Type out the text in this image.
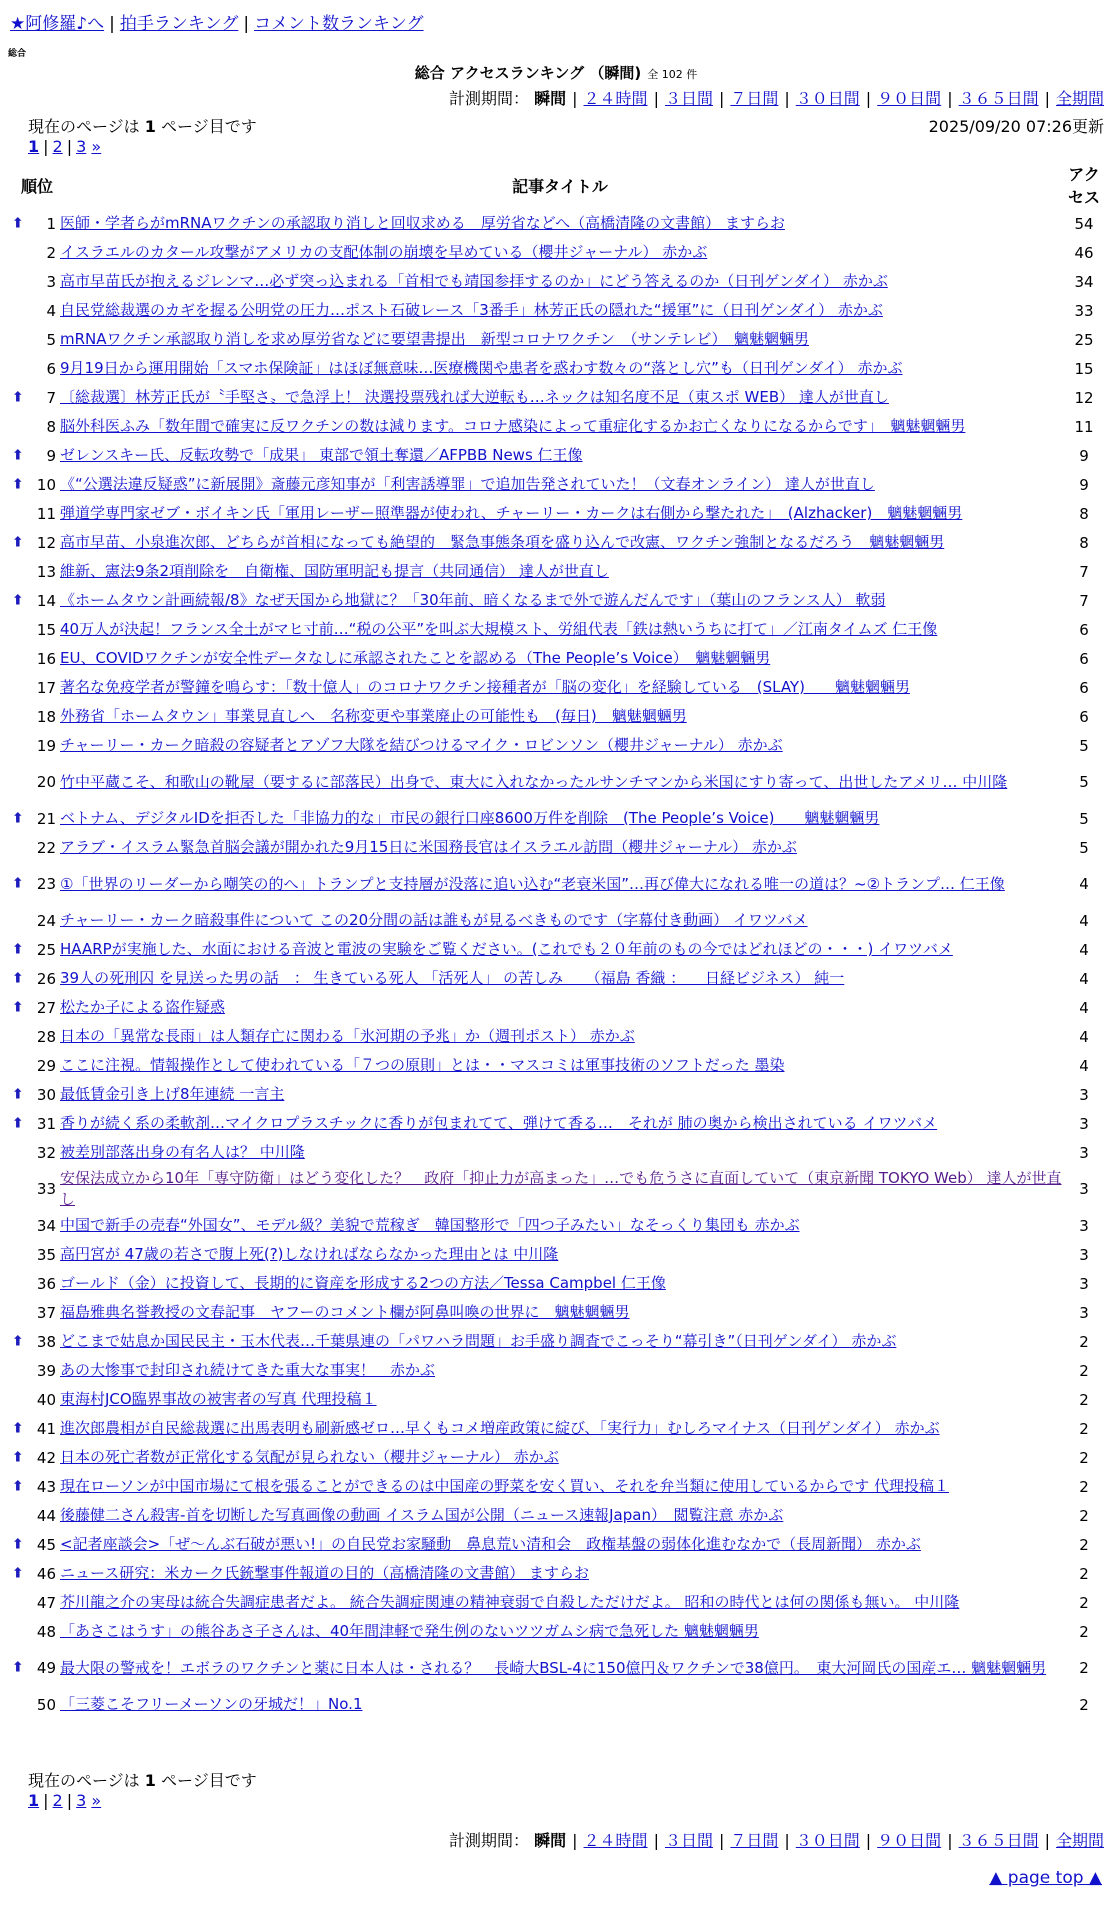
★阿修羅♪へ | 拍手ランキング | コメント数ランキング
総合
総合 アクセスランキング （瞬間) 全 102 件
計測期間： 瞬間 | ２４時間 | ３日間 | ７日間 | ３０日間 | ９０日間 | ３６５日間 | 全期間
現在のページは 1 ページ目です	2025/09/20 07:26更新
1 | 2 | 3 »
順位	記事タイトル	アクセス

⬆ 1	医師・学者らがmRNAワクチンの承認取り消しと回収求める　厚労省などへ（高橋清隆の文書館） ますらお	54
2	イスラエルのカタール攻撃がアメリカの支配体制の崩壊を早めている（櫻井ジャーナル） 赤かぶ	46
3	高市早苗氏が抱えるジレンマ…必ず突っ込まれる「首相でも靖国参拝するのか」にどう答えるのか（日刊ゲンダイ） 赤かぶ	34
4	自民党総裁選のカギを握る公明党の圧力…ポスト石破レース「3番手」林芳正氏の隠れた“援軍”に（日刊ゲンダイ） 赤かぶ	33
5	mRNAワクチン承認取り消しを求め厚労省などに要望書提出　新型コロナワクチン　（サンテレビ）　魑魅魍魎男	25
6	9月19日から運用開始「スマホ保険証」はほぼ無意味…医療機関や患者を惑わす数々の“落とし穴”も（日刊ゲンダイ） 赤かぶ	15

⬆ 7	〔総裁選〕林芳正氏が〝手堅さ〟で急浮上！ 決選投票残れば大逆転も…ネックは知名度不足（東スポ WEB） 達人が世直し	12
8	脳外科医ふみ「数年間で確実に反ワクチンの数は減ります。コロナ感染によって重症化するかお亡くなりになるからです」　魑魅魍魎男	11

⬆ 9	ゼレンスキー氏、反転攻勢で「成果」 東部で領土奪還／AFPBB News 仁王像	9

⬆ 10	《“公選法違反疑惑”に新展開》斎藤元彦知事が「利害誘導罪」で追加告発されていた！（文春オンライン） 達人が世直し	9
11	弾道学専門家ゼブ・ボイキン氏「軍用レーザー照準器が使われ、チャーリー・カークは右側から撃たれた」　(Alzhacker)　魑魅魍魎男	8

⬆ 12	高市早苗、小泉進次郎、どちらが首相になっても絶望的　緊急事態条項を盛り込んで改憲、ワクチン強制となるだろう　魑魅魍魎男	8
13	維新、憲法9条2項削除を　自衛権、国防軍明記も提言（共同通信） 達人が世直し	7

⬆ 14	《ホームタウン計画続報/8》なぜ天国から地獄に？「30年前、暗くなるまで外で遊んだんです」（葉山のフランス人） 軟弱	7
15	40万人が決起！フランス全土がマヒ寸前…“税の公平”を叫ぶ大規模スト、労組代表「鉄は熱いうちに打て」／江南タイムズ 仁王像	6
16	EU、COVIDワクチンが安全性データなしに承認されたことを認める（The People’s Voice）　魑魅魍魎男	6
17	著名な免疫学者が警鐘を鳴らす：「数十億人」のコロナワクチン接種者が「脳の変化」を経験している　(SLAY)　　魑魅魍魎男	6
18	外務省「ホームタウン」事業見直しへ　名称変更や事業廃止の可能性も　(毎日)　魑魅魍魎男	6
19	チャーリー・カーク暗殺の容疑者とアゾフ大隊を結びつけるマイク・ロビンソン（櫻井ジャーナル） 赤かぶ	5
20	竹中平蔵こそ、和歌山の靴屋（要するに部落民）出身で、東大に入れなかったルサンチマンから米国にすり寄って、出世したアメリ… 中川隆	5

⬆ 21	ベトナム、デジタルIDを拒否した「非協力的な」市民の銀行口座8600万件を削除　(The People’s Voice)　　魑魅魍魎男	5
22	アラブ・イスラム緊急首脳会議が開かれた9月15日に米国務長官はイスラエル訪問（櫻井ジャーナル） 赤かぶ	5

⬆ 23	①「世界のリーダーから嘲笑の的へ」トランプと支持層が没落に追い込む“老衰米国”…再び偉大になれる唯一の道は？~②トランプ… 仁王像	4
24	チャーリー・カーク暗殺事件について この20分間の話は誰もが見るべきものです（字幕付き動画） イワツバメ	4

⬆ 25	HAARPが実施した、水面における音波と電波の実験をご覧ください。(これでも２０年前のもの今ではどれほどの・・・) イワツバメ	4

⬆ 26	39人の死刑囚 を見送った男の話　： 生きている死人 「活死人」 の苦しみ　　（福島 香織 ： 　日経ビジネス） 純一	4

⬆ 27	松たか子による盗作疑惑	4
28	日本の「異常な長雨」は人類存亡に関わる「氷河期の予兆」か（週刊ポスト） 赤かぶ	4
29	ここに注視。情報操作として使われている「７つの原則」とは・・マスコミは軍事技術のソフトだった 墨染	4

⬆ 30	最低賃金引き上げ8年連続 一言主	3

⬆ 31	香りが続く系の柔軟剤…マイクロプラスチックに香りが包まれてて、弾けて香る…　それが 肺の奥から検出されている イワツバメ	3
32	被差別部落出身の有名人は？ 中川隆	3
33	安保法成立から10年「専守防衛」はどう変化した？　政府「抑止力が高まった」…でも危うさに直面していて（東京新聞 TOKYO Web） 達人が世直し	3
34	中国で新手の売春“外国女”、モデル級？美貌で荒稼ぎ　韓国整形で「四つ子みたい」なそっくり集団も 赤かぶ	3
35	高円宮が 47歳の若さで腹上死(?)しなければならなかった理由とは 中川隆	3
36	ゴールド（金）に投資して、長期的に資産を形成する2つの方法／Tessa Campbel 仁王像	3
37	福島雅典名誉教授の文春記事　ヤフーのコメント欄が阿鼻叫喚の世界に　魑魅魍魎男	3

⬆ 38	どこまで姑息か国民民主・玉木代表…千葉県連の「パワハラ問題」お手盛り調査でこっそり“幕引き”（日刊ゲンダイ） 赤かぶ	2
39	あの大惨事で封印され続けてきた重大な事実！　赤かぶ	2
40	東海村JCO臨界事故の被害者の写真 代理投稿１	2

⬆ 41	進次郎農相が自民総裁選に出馬表明も刷新感ゼロ…早くもコメ増産政策に綻び、「実行力」むしろマイナス（日刊ゲンダイ） 赤かぶ	2

⬆ 42	日本の死亡者数が正常化する気配が見られない（櫻井ジャーナル） 赤かぶ	2

⬆ 43	現在ローソンが中国市場にて根を張ることができるのは中国産の野菜を安く買い、それを弁当類に使用しているからです 代理投稿１	2
44	後藤健二さん殺害-首を切断した写真画像の動画 イスラム国が公開（ニュース速報Japan）　閲覧注意 赤かぶ	2

⬆ 45	<記者座談会>「ぜ～んぶ石破が悪い!」の自民党お家騒動　鼻息荒い清和会　政権基盤の弱体化進むなかで（長周新聞） 赤かぶ	2

⬆ 46	ニュース研究：米カーク氏銃撃事件報道の目的（高橋清隆の文書館） ますらお	2
47	芥川龍之介の実母は統合失調症患者だよ。 統合失調症関連の精神衰弱で自殺しただけだよ。 昭和の時代とは何の関係も無い。 中川隆	2
48	「あさこはうす」の熊谷あさ子さんは、40年間津軽で発生例のないツツガムシ病で急死した 魑魅魍魎男	2

⬆ 49	最大限の警戒を！エボラのワクチンと薬に日本人は・される？　長崎大BSL-4に150億円＆ワクチンで38億円。　東大河岡氏の国産エ… 魑魅魍魎男	2
50	「三菱こそフリーメーソンの牙城だ！」No.1	2
現在のページは 1 ページ目です
1 | 2 | 3 »
計測期間： 瞬間 | ２４時間 | ３日間 | ７日間 | ３０日間 | ９０日間 | ３６５日間 | 全期間
▲ page top ▲
